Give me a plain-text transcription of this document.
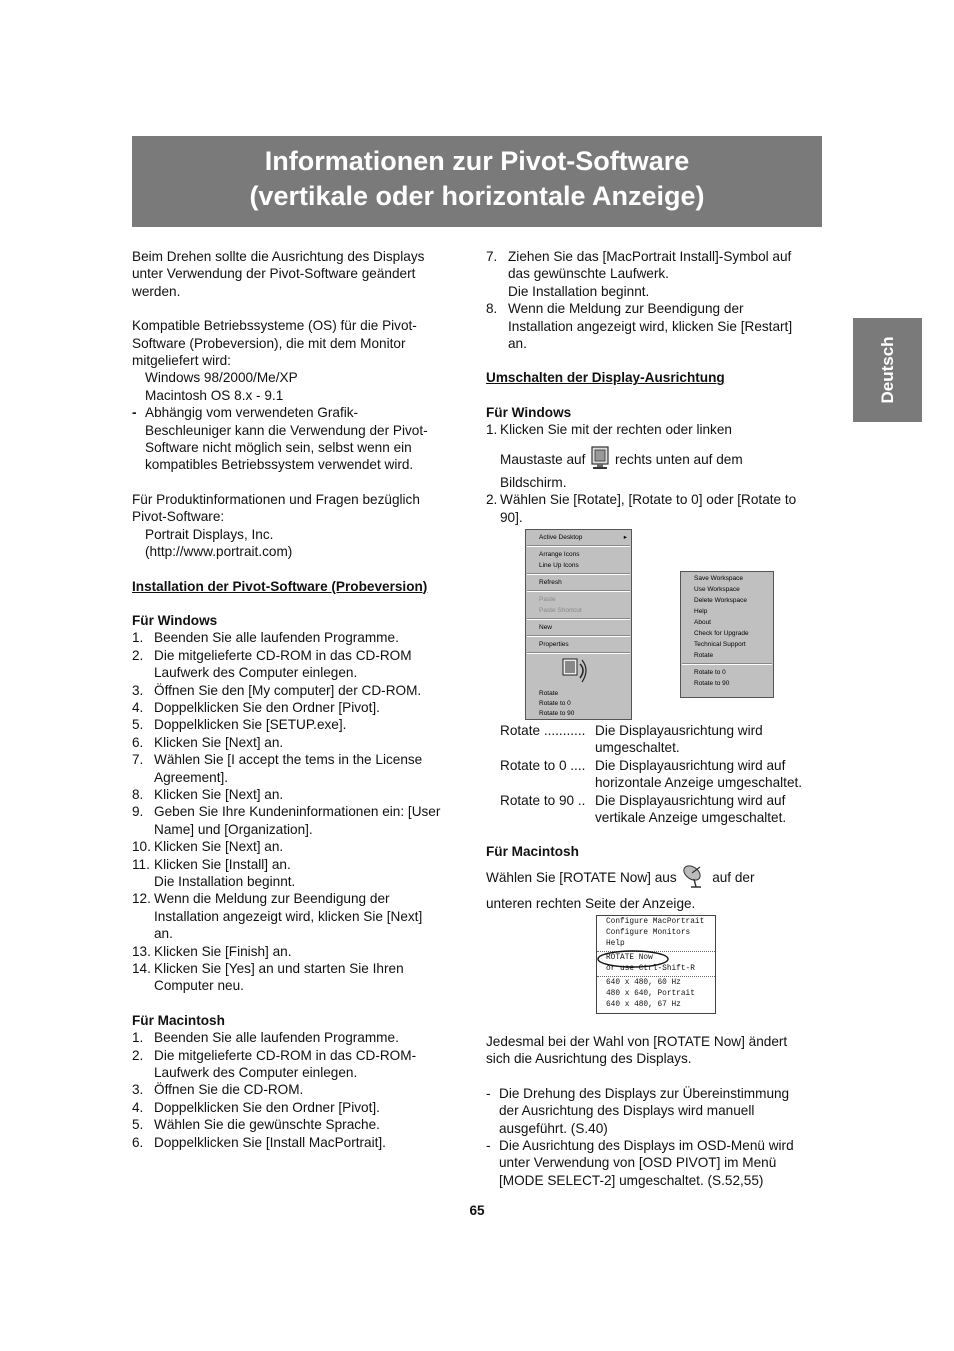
Informationen zur Pivot-Software
(vertikale oder horizontale Anzeige)
Deutsch

Beim Drehen sollte die Ausrichtung des Displays

unter Verwendung der Pivot-Software geändert

werden.

Kompatible Betriebssysteme (OS) für die Pivot-

Software (Probeversion), die mit dem Monitor

mitgeliefert wird:

Windows 98/2000/Me/XP

Macintosh OS 8.x - 9.1

- Abhängig vom verwendeten Grafik-

Beschleuniger kann die Verwendung der Pivot-

Software nicht möglich sein, selbst wenn ein

kompatibles Betriebssystem verwendet wird.

Für Produktinformationen und Fragen bezüglich

Pivot-Software:

Portrait Displays, Inc.

(http://www.portrait.com)

Installation der Pivot-Software (Probeversion)

Für Windows

1. Beenden Sie alle laufenden Programme.

2. Die mitgelieferte CD-ROM in das CD-ROM

Laufwerk des Computer einlegen.

3. Öffnen Sie den [My computer] der CD-ROM.

4. Doppelklicken Sie den Ordner [Pivot].

5. Doppelklicken Sie [SETUP.exe].

6. Klicken Sie [Next] an.

7. Wählen Sie [I accept the tems in the License

Agreement].

8. Klicken Sie [Next] an.

9. Geben Sie Ihre Kundeninformationen ein: [User

Name] und [Organization].

10. Klicken Sie [Next] an.

11. Klicken Sie [Install] an.

Die Installation beginnt.

12. Wenn die Meldung zur Beendigung der

Installation angezeigt wird, klicken Sie [Next]

an.

13. Klicken Sie [Finish] an.

14. Klicken Sie [Yes] an und starten Sie Ihren

Computer neu.

Für Macintosh

1. Beenden Sie alle laufenden Programme.

2. Die mitgelieferte CD-ROM in das CD-ROM-

Laufwerk des Computer einlegen.

3. Öffnen Sie die CD-ROM.

4. Doppelklicken Sie den Ordner [Pivot].

5. Wählen Sie die gewünschte Sprache.

6. Doppelklicken Sie [Install MacPortrait].

7. Ziehen Sie das [MacPortrait Install]-Symbol auf

das gewünschte Laufwerk.

Die Installation beginnt.

8. Wenn die Meldung zur Beendigung der

Installation angezeigt wird, klicken Sie [Restart]

an.

Umschalten der Display-Ausrichtung

Für Windows

1. Klicken Sie mit der rechten oder linken

Maustaste auf rechts unten auf dem

Bildschirm.

2. Wählen Sie [Rotate], [Rotate to 0] oder [Rotate to

90].

Active Desktop	▸
Arrange Icons
Line Up Icons
Refresh
Paste
Paste Shortcut
New
Properties
Rotate
Rotate to 0
Rotate to 90
Save Workspace
Use Workspace
Delete Workspace
Help
About
Check for Upgrade
Technical Support
Rotate
Rotate to 0
Rotate to 90
Rotate ........... Die Displayausrichtung wird

umgeschaltet.

Rotate to 0 .... Die Displayausrichtung wird auf

horizontale Anzeige umgeschaltet.

Rotate to 90 .. Die Displayausrichtung wird auf

vertikale Anzeige umgeschaltet.

Für Macintosh

Wählen Sie [ROTATE Now] aus	auf der

unteren rechten Seite der Anzeige.

Configure MacPortrait
Configure Monitors
Help
ROTATE Now
or use Ctrl-Shift-R
640 x 480, 60 Hz
480 x 640, Portrait
640 x 480, 67 Hz

Jedesmal bei der Wahl von [ROTATE Now] ändert

sich die Ausrichtung des Displays.

- Die Drehung des Displays zur Übereinstimmung

der Ausrichtung des Displays wird manuell

ausgeführt. (S.40)

- Die Ausrichtung des Displays im OSD-Menü wird

unter Verwendung von [OSD PIVOT] im Menü

[MODE SELECT-2] umgeschaltet. (S.52,55)

65
